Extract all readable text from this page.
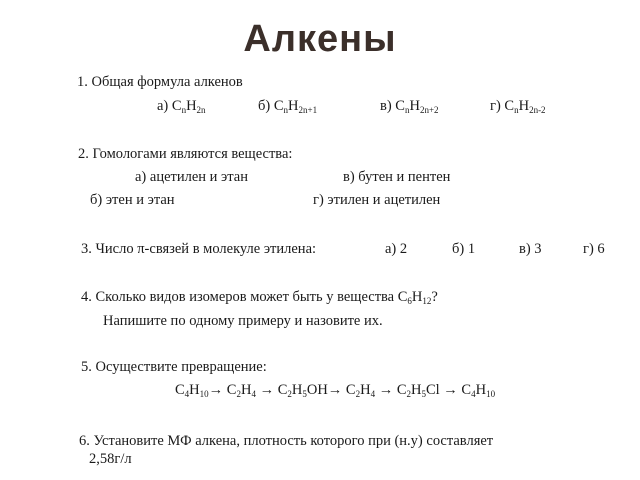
Алкены
1. Общая формула алкенов
а) $C_nH_{2n}$	б) $C_nH_{2n+1}$	в) $C_nH_{2n+2}$	г) $C_nH_{2n-2}$
2. Гомологами являются вещества:
а) ацетилен и этан	в) бутен и пентен
б) этен и этан	г) этилен и ацетилен
3. Число π-связей в молекуле этилена:	а) 2	б) 1	в) 3	г) 6
4. Сколько видов изомеров может быть у вещества $C_6H_{12}$?
Напишите по одному примеру и назовите их.
5. Осуществите превращение:
$C_4H_{10}\to C_2H_4 \to C_2H_5OH\to C_2H_4 \to C_2H_5Cl \to C_4H_{10}$
6. Установите МФ алкена, плотность которого при (н.у) составляет
2,58г/л
